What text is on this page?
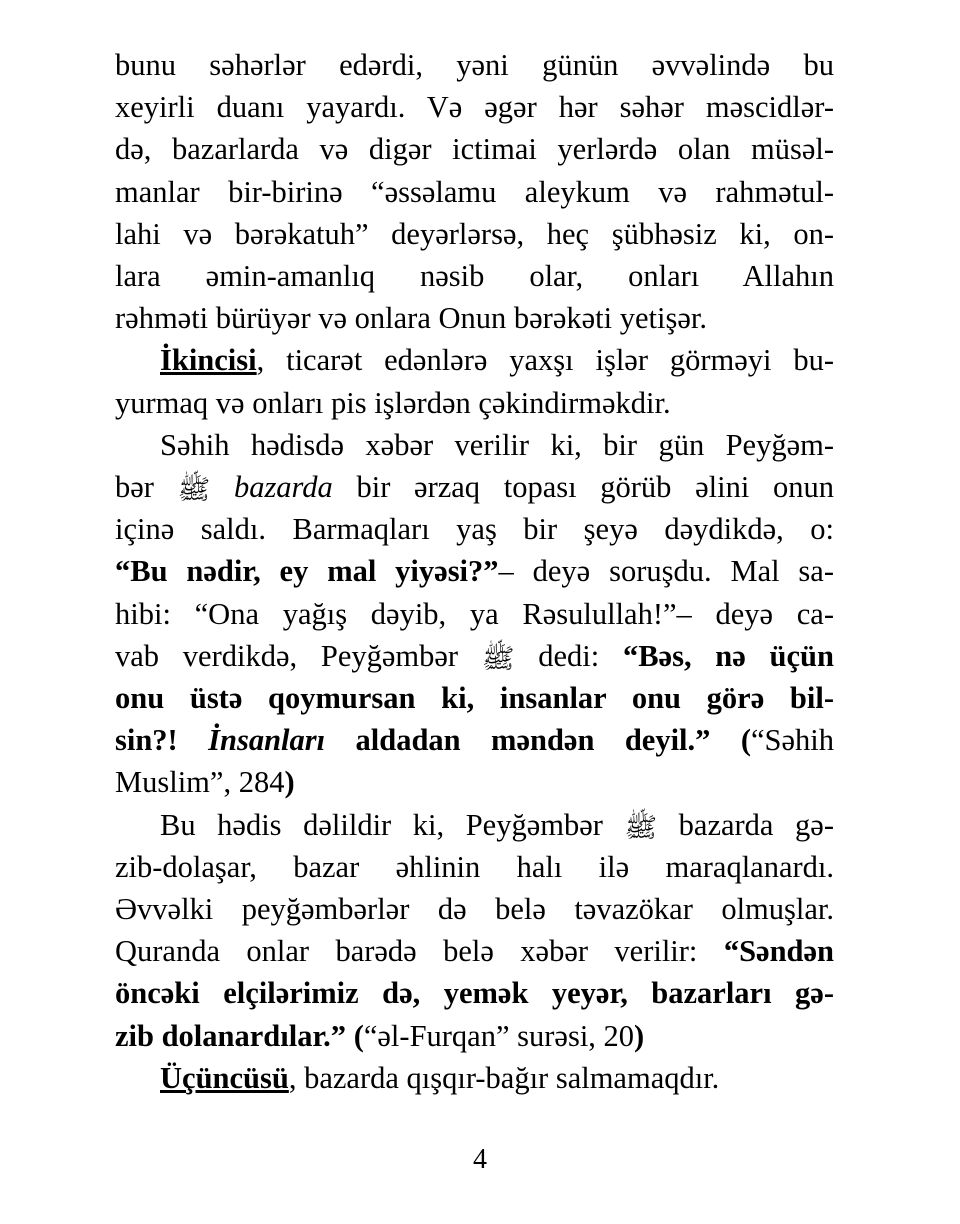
bunu səhərlər edərdi, yəni günün əvvəlində bu
xeyirli duanı yayardı. Və əgər hər səhər məscidlər-
də, bazarlarda və digər ictimai yerlərdə olan müsəl-
manlar bir-birinə “əssəlamu aleykum və rahmətul-
lahi və bərəkatuh” deyərlərsə, heç şübhəsiz ki, on-
lara əmin-amanlıq nəsib olar, onları Allahın
rəhməti bürüyər və onlara Onun bərəkəti yetişər.
İkincisi, ticarət edənlərə yaxşı işlər görməyi bu-
yurmaq və onları pis işlərdən çəkindirməkdir.
Səhih hədisdə xəbər verilir ki, bir gün Peyğəm-
bər ﷺ bazarda bir ərzaq topası görüb əlini onun
içinə saldı. Barmaqları yaş bir şeyə dəydikdə, o:
“Bu nədir, ey mal yiyəsi?”– deyə soruşdu. Mal sa-
hibi: “Ona yağış dəyib, ya Rəsulullah!”– deyə ca-
vab verdikdə, Peyğəmbər ﷺ dedi: “Bəs, nə üçün
onu üstə qoymursan ki, insanlar onu görə bil-
sin?! İnsanları aldadan məndən deyil.” (“Səhih
Muslim”, 284)
Bu hədis dəlildir ki, Peyğəmbər ﷺ bazarda gə-
zib-dolaşar, bazar əhlinin halı ilə maraqlanardı.
Əvvəlki peyğəmbərlər də belə təvazökar olmuşlar.
Quranda onlar barədə belə xəbər verilir: “Səndən
öncəki elçilərimiz də, yemək yeyər, bazarları gə-
zib dolanardılar.” (“əl-Furqan” surəsi, 20)
Üçüncüsü, bazarda qışqır-bağır salmamaqdır.
4
